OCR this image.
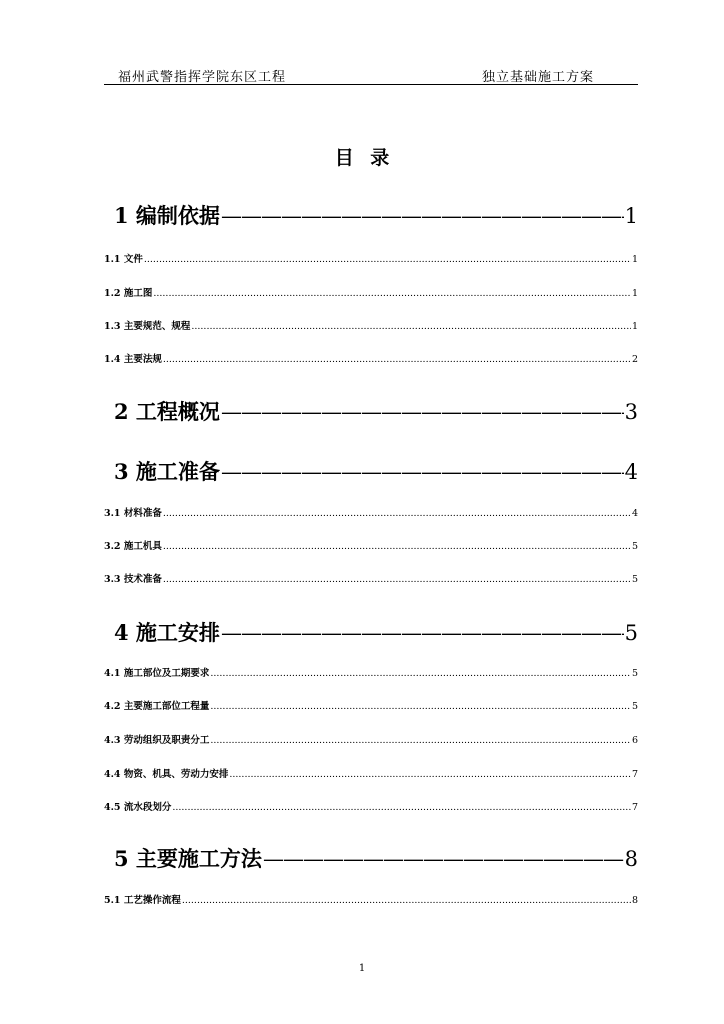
福州武警指挥学院东区工程	独立基础施工方案
目 录
1 编制依据 —————	1
1.1 文件 .....	1
1.2 施工图 .....	1
1.3 主要规范、规程 .....	1
1.4 主要法规 .....	2
2 工程概况 —————	3
3 施工准备 —————	4
3.1 材料准备 .....	4
3.2 施工机具 .....	5
3.3 技术准备 .....	5
4 施工安排 —————	5
4.1 施工部位及工期要求 .....	5
4.2 主要施工部位工程量 .....	5
4.3 劳动组织及职责分工 .....	6
4.4 物资、机具、劳动力安排 .....	7
4.5 流水段划分 .....	7
5 主要施工方法 —————	8
5.1 工艺操作流程 .....	8
1
